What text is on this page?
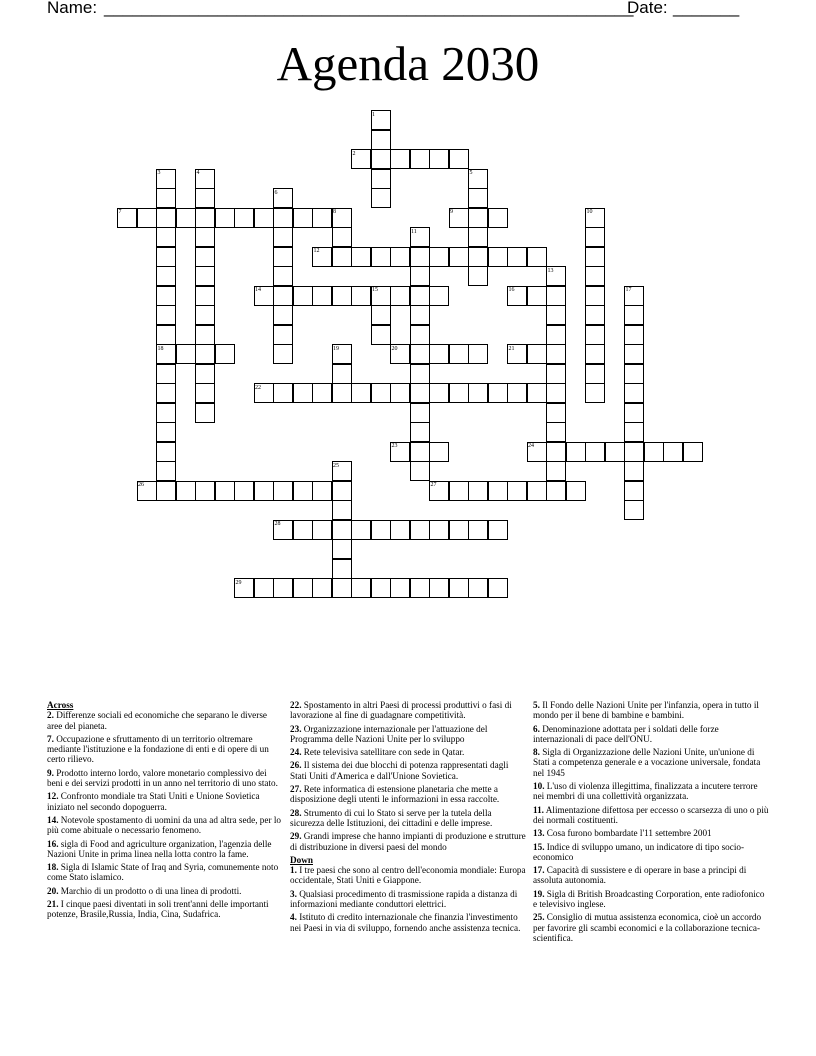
Name: ________________________________________________________
Date: _______
Agenda 2030
1
2
3	4	5
6
7	8	9	10
11
12
13
14	15	16	17
18	19	20	21
22
23	24
25
26	27
28
29
Across
2. Differenze sociali ed economiche che separano le diverse aree del pianeta.
7. Occupazione e sfruttamento di un territorio oltremare mediante l'istituzione e la fondazione di enti e di opere di un certo rilievo.
9. Prodotto interno lordo, valore monetario complessivo dei beni e dei servizi prodotti in un anno nel territorio di uno stato.
12. Confronto mondiale tra Stati Uniti e Unione Sovietica iniziato nel secondo dopoguerra.
14. Notevole spostamento di uomini da una ad altra sede, per lo più come abituale o necessario fenomeno.
16. sigla di Food and agriculture organization, l'agenzia delle Nazioni Unite in prima linea nella lotta contro la fame.
18. Sigla di Islamic State of Iraq and Syria, comunemente noto come Stato islamico.
20. Marchio di un prodotto o di una linea di prodotti.
21. I cinque paesi diventati in soli trent'anni delle importanti potenze, Brasile,Russia, India, Cina, Sudafrica.
22. Spostamento in altri Paesi di processi produttivi o fasi di lavorazione al fine di guadagnare competitività.
23. Organizzazione internazionale per l'attuazione del Programma delle Nazioni Unite per lo sviluppo
24. Rete televisiva satellitare con sede in Qatar.
26. Il sistema dei due blocchi di potenza rappresentati dagli Stati Uniti d'America e dall'Unione Sovietica.
27. Rete informatica di estensione planetaria che mette a disposizione degli utenti le informazioni in essa raccolte.
28. Strumento di cui lo Stato si serve per la tutela della sicurezza delle Istituzioni, dei cittadini e delle imprese.
29. Grandi imprese che hanno impianti di produzione e strutture di distribuzione in diversi paesi del mondo
Down
1. I tre paesi che sono al centro dell'economia mondiale: Europa occidentale, Stati Uniti e Giappone.
3. Qualsiasi procedimento di trasmissione rapida a distanza di informazioni mediante conduttori elettrici.
4. Istituto di credito internazionale che finanzia l'investimento nei Paesi in via di sviluppo, fornendo anche assistenza tecnica.
5. Il Fondo delle Nazioni Unite per l'infanzia, opera in tutto il mondo per il bene di bambine e bambini.
6. Denominazione adottata per i soldati delle forze internazionali di pace dell'ONU.
8. Sigla di Organizzazione delle Nazioni Unite, un'unione di Stati a competenza generale e a vocazione universale, fondata nel 1945
10. L'uso di violenza illegittima, finalizzata a incutere terrore nei membri di una collettività organizzata.
11. Alimentazione difettosa per eccesso o scarsezza di uno o più dei normali costituenti.
13. Cosa furono bombardate l'11 settembre 2001
15. Indice di sviluppo umano, un indicatore di tipo socio-economico
17. Capacità di sussistere e di operare in base a principi di assoluta autonomia.
19. Sigla di British Broadcasting Corporation, ente radiofonico e televisivo inglese.
25. Consiglio di mutua assistenza economica, cioè un accordo per favorire gli scambi economici e la collaborazione tecnica-scientifica.
